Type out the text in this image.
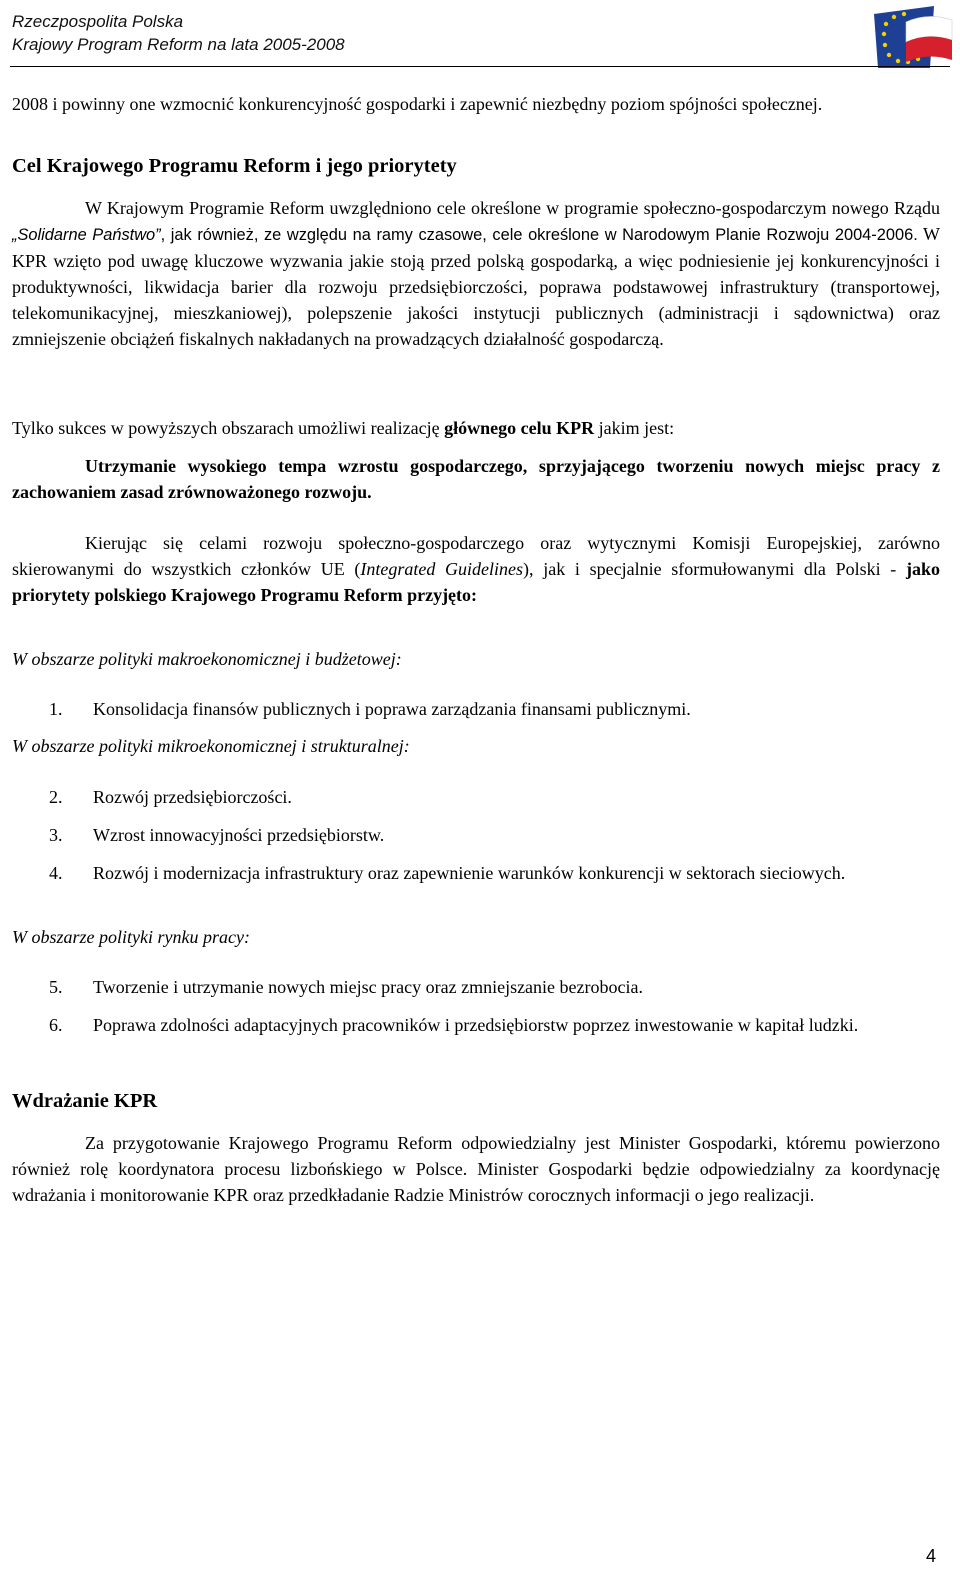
Rzeczpospolita Polska
Krajowy Program Reform na lata 2005-2008

2008 i powinny one wzmocnić konkurencyjność gospodarki i zapewnić niezbędny poziom spójności społecznej.

Cel Krajowego Programu Reform i jego priorytety

W Krajowym Programie Reform uwzględniono cele określone w programie społeczno-gospodarczym nowego Rządu „Solidarne Państwo”, jak również, ze względu na ramy czasowe, cele określone w Narodowym Planie Rozwoju 2004-2006. W KPR wzięto pod uwagę kluczowe wyzwania jakie stoją przed polską gospodarką, a więc podniesienie jej konkurencyjności i produktywności, likwidacja barier dla rozwoju przedsiębiorczości, poprawa podstawowej infrastruktury (transportowej, telekomunikacyjnej, mieszkaniowej), polepszenie jakości instytucji publicznych (administracji i sądownictwa) oraz zmniejszenie obciążeń fiskalnych nakładanych na prowadzących działalność gospodarczą.

Tylko sukces w powyższych obszarach umożliwi realizację głównego celu KPR jakim jest:

Utrzymanie wysokiego tempa wzrostu gospodarczego, sprzyjającego tworzeniu nowych miejsc pracy z zachowaniem zasad zrównoważonego rozwoju.

Kierując się celami rozwoju społeczno-gospodarczego oraz wytycznymi Komisji Europejskiej, zarówno skierowanymi do wszystkich członków UE (Integrated Guidelines), jak i specjalnie sformułowanymi dla Polski - jako priorytety polskiego Krajowego Programu Reform przyjęto:

W obszarze polityki makroekonomicznej i budżetowej:

1. Konsolidacja finansów publicznych i poprawa zarządzania finansami publicznymi.

W obszarze polityki mikroekonomicznej i strukturalnej:

2. Rozwój przedsiębiorczości.
3. Wzrost innowacyjności przedsiębiorstw.
4. Rozwój i modernizacja infrastruktury oraz zapewnienie warunków konkurencji w sektorach sieciowych.

W obszarze polityki rynku pracy:

5. Tworzenie i utrzymanie nowych miejsc pracy oraz zmniejszanie bezrobocia.
6. Poprawa zdolności adaptacyjnych pracowników i przedsiębiorstw poprzez inwestowanie w kapitał ludzki.
Wdrażanie KPR

Za przygotowanie Krajowego Programu Reform odpowiedzialny jest Minister Gospodarki, któremu powierzono również rolę koordynatora procesu lizbońskiego w Polsce. Minister Gospodarki będzie odpowiedzialny za koordynację wdrażania i monitorowanie KPR oraz przedkładanie Radzie Ministrów corocznych informacji o jego realizacji.

4
